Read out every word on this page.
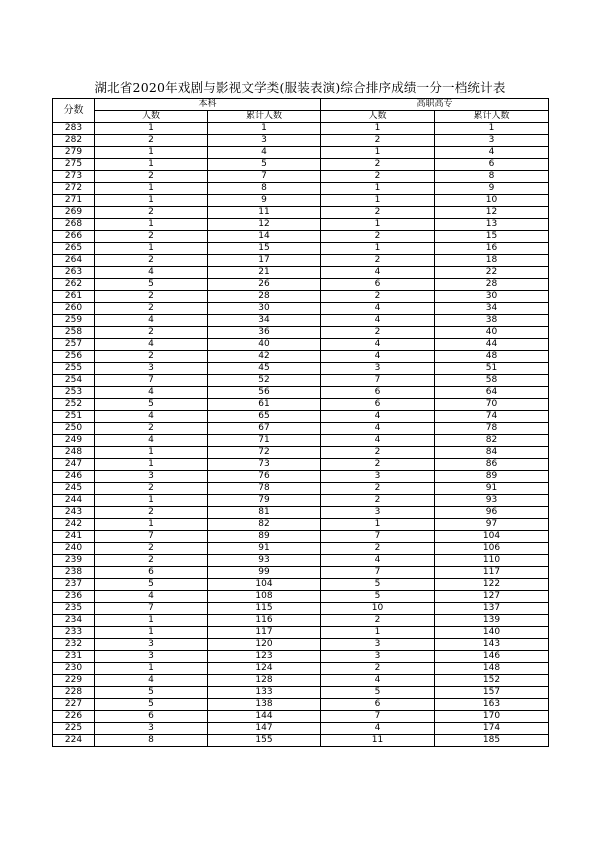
湖北省2020年戏剧与影视文学类(服装表演)综合排序成绩一分一档统计表
分数	本科		高职高专	
	人数	累计人数	人数	累计人数
283	1	1	1	1
282	2	3	2	3
279	1	4	1	4
275	1	5	2	6
273	2	7	2	8
272	1	8	1	9
271	1	9	1	10
269	2	11	2	12
268	1	12	1	13
266	2	14	2	15
265	1	15	1	16
264	2	17	2	18
263	4	21	4	22
262	5	26	6	28
261	2	28	2	30
260	2	30	4	34
259	4	34	4	38
258	2	36	2	40
257	4	40	4	44
256	2	42	4	48
255	3	45	3	51
254	7	52	7	58
253	4	56	6	64
252	5	61	6	70
251	4	65	4	74
250	2	67	4	78
249	4	71	4	82
248	1	72	2	84
247	1	73	2	86
246	3	76	3	89
245	2	78	2	91
244	1	79	2	93
243	2	81	3	96
242	1	82	1	97
241	7	89	7	104
240	2	91	2	106
239	2	93	4	110
238	6	99	7	117
237	5	104	5	122
236	4	108	5	127
235	7	115	10	137
234	1	116	2	139
233	1	117	1	140
232	3	120	3	143
231	3	123	3	146
230	1	124	2	148
229	4	128	4	152
228	5	133	5	157
227	5	138	6	163
226	6	144	7	170
225	3	147	4	174
224	8	155	11	185
